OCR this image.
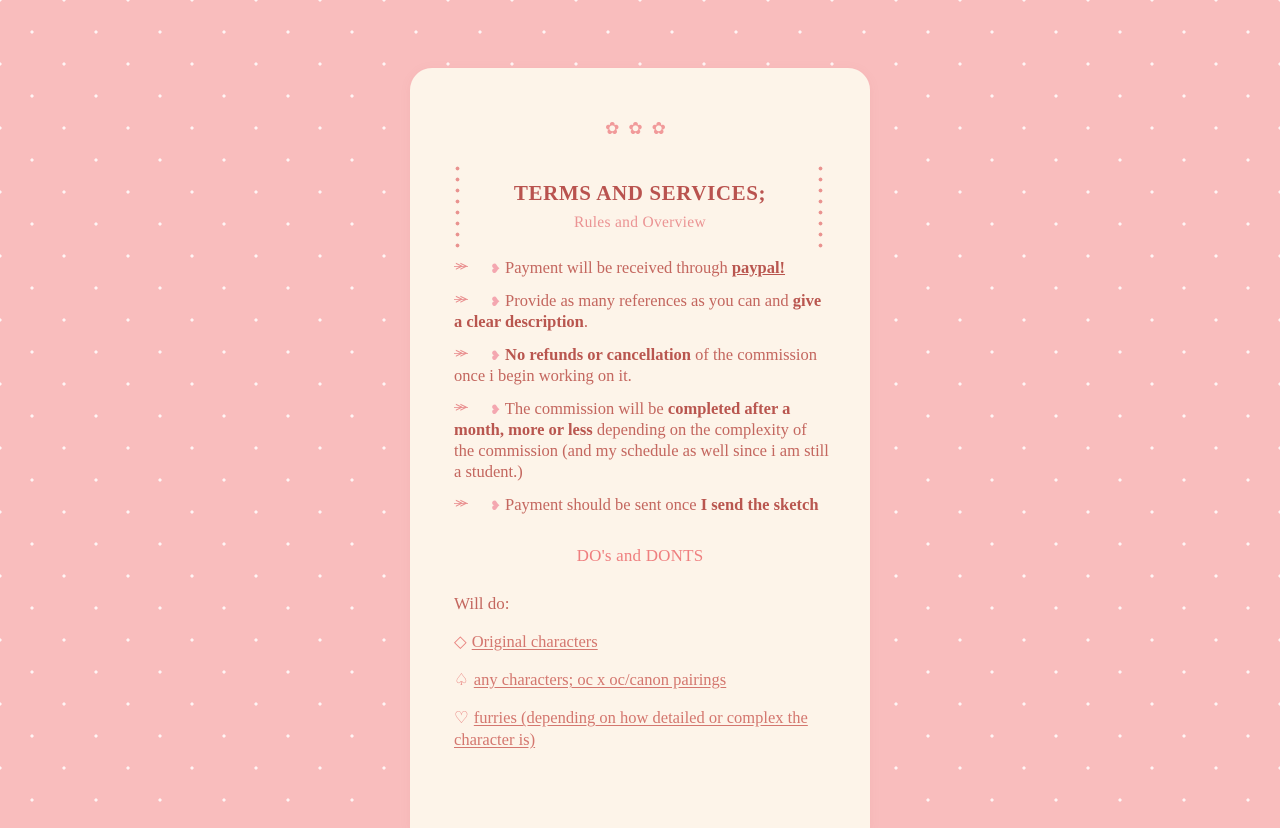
✿✿✿
TERMS AND SERVICES;
Rules and Overview
≫	❥ Payment will be received through paypal!
≫	❥ Provide as many references as you can and give a clear description.
≫	❥ No refunds or cancellation of the commission once i begin working on it.
≫	❥ The commission will be completed after a month, more or less depending on the complexity of the commission (and my schedule as well since i am still a student.)
≫	❥ Payment should be sent once I send the sketch
DO's and DONTS
Will do:
◇ Original characters
♤ any characters; oc x oc/canon pairings
♡ furries (depending on how detailed or complex the character is)
